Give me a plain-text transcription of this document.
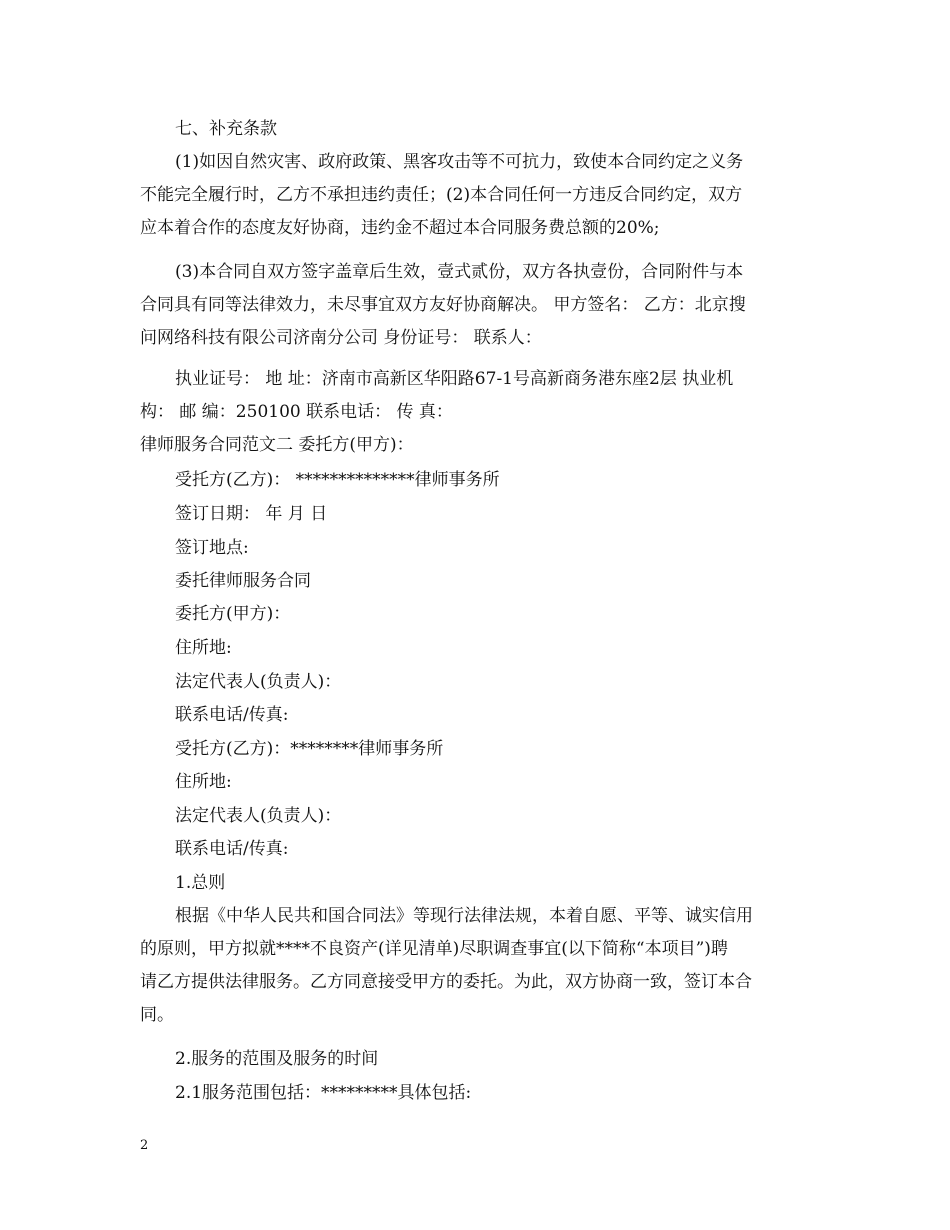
七、补充条款
(1)如因自然灾害、政府政策、黑客攻击等不可抗力，致使本合同约定之义务
不能完全履行时，乙方不承担违约责任；(2)本合同任何一方违反合同约定，双方
应本着合作的态度友好协商，违约金不超过本合同服务费总额的20%;
(3)本合同自双方签字盖章后生效，壹式贰份，双方各执壹份，合同附件与本
合同具有同等法律效力，未尽事宜双方友好协商解决。 甲方签名： 乙方：北京搜
问网络科技有限公司济南分公司 身份证号： 联系人：
执业证号： 地 址：济南市高新区华阳路67-1号高新商务港东座2层 执业机
构： 邮 编：250100 联系电话： 传 真：
律师服务合同范文二 委托方(甲方)：
受托方(乙方)： **************律师事务所
签订日期： 年 月 日
签订地点:
委托律师服务合同
委托方(甲方)：
住所地:
法定代表人(负责人)：
联系电话/传真:
受托方(乙方)：********律师事务所
住所地:
法定代表人(负责人)：
联系电话/传真:
1.总则
根据《中华人民共和国合同法》等现行法律法规，本着自愿、平等、诚实信用
的原则，甲方拟就****不良资产(详见清单)尽职调查事宜(以下简称“本项目”)聘
请乙方提供法律服务。乙方同意接受甲方的委托。为此，双方协商一致，签订本合
同。
2.服务的范围及服务的时间
2.1服务范围包括：*********具体包括:
2
